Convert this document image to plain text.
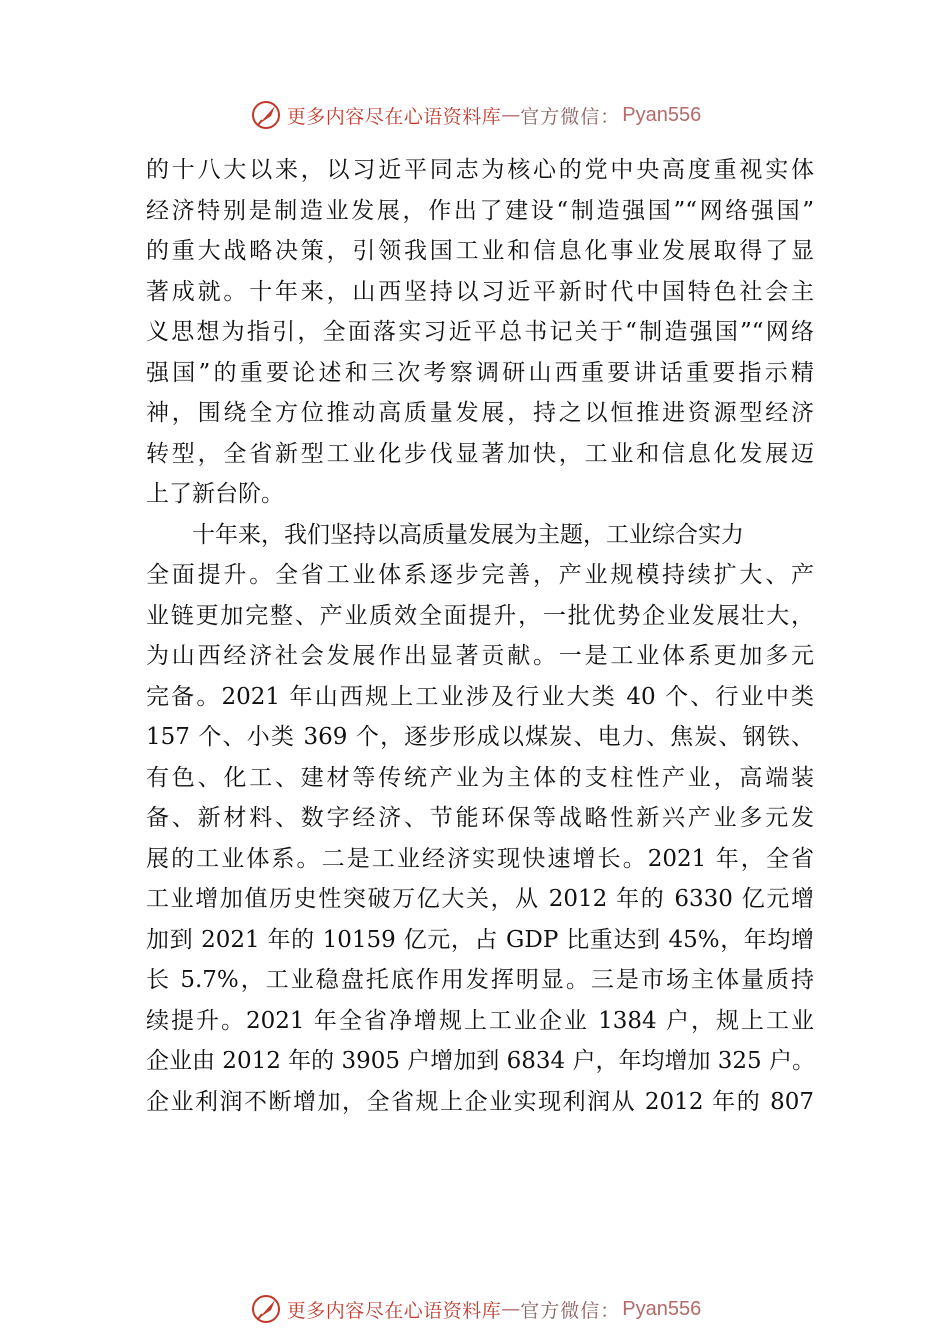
更多内容尽在心语资料库 — 官方微信： Pyan556
的十八大以来，以习近平同志为核心的党中央高度重视实体
经济特别是制造业发展，作出了建设“制造强国”“网络强国”
的重大战略决策，引领我国工业和信息化事业发展取得了显
著成就。十年来，山西坚持以习近平新时代中国特色社会主
义思想为指引，全面落实习近平总书记关于“制造强国”“网络
强国”的重要论述和三次考察调研山西重要讲话重要指示精
神，围绕全方位推动高质量发展，持之以恒推进资源型经济
转型，全省新型工业化步伐显著加快，工业和信息化发展迈
上了新台阶。
十年来，我们坚持以高质量发展为主题，工业综合实力
全面提升。全省工业体系逐步完善，产业规模持续扩大、产
业链更加完整、产业质效全面提升，一批优势企业发展壮大，
为山西经济社会发展作出显著贡献。一是工业体系更加多元
完备。2021 年山西规上工业涉及行业大类 40 个、行业中类
157 个、小类 369 个，逐步形成以煤炭、电力、焦炭、钢铁、
有色、化工、建材等传统产业为主体的支柱性产业，高端装
备、新材料、数字经济、节能环保等战略性新兴产业多元发
展的工业体系。二是工业经济实现快速增长。2021 年，全省
工业增加值历史性突破万亿大关，从 2012 年的 6330 亿元增
加到 2021 年的 10159 亿元，占 GDP 比重达到 45%，年均增
长 5.7%，工业稳盘托底作用发挥明显。三是市场主体量质持
续提升。2021 年全省净增规上工业企业 1384 户，规上工业
企业由 2012 年的 3905 户增加到 6834 户，年均增加 325 户。
企业利润不断增加，全省规上企业实现利润从 2012 年的 807
更多内容尽在心语资料库 — 官方微信： Pyan556
